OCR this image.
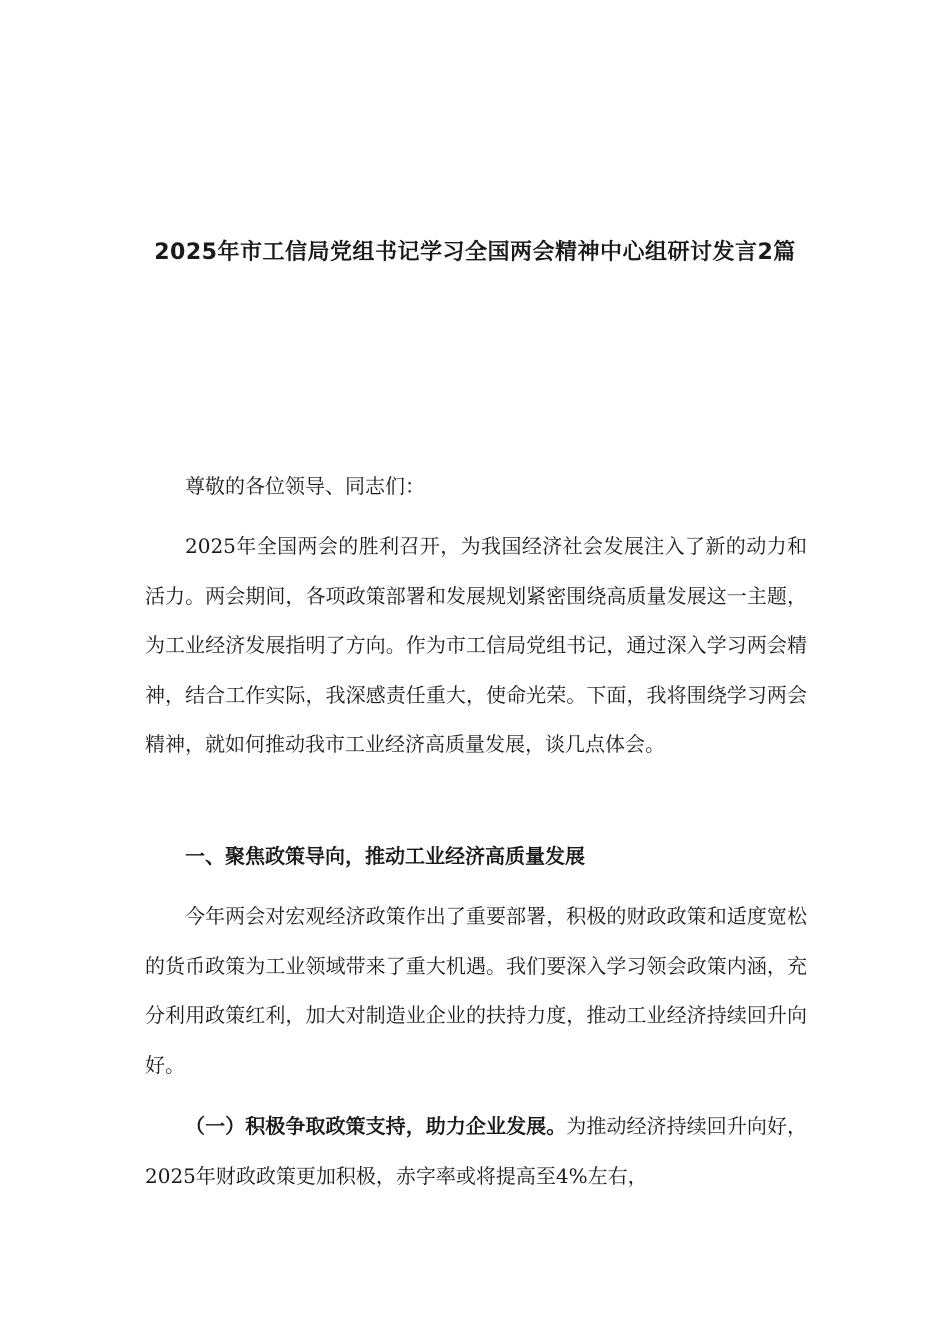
2025年市工信局党组书记学习全国两会精神中心组研讨发言2篇

尊敬的各位领导、同志们：

2025年全国两会的胜利召开，为我国经济社会发展注入了新的动力和活力。两会期间，各项政策部署和发展规划紧密围绕高质量发展这一主题，为工业经济发展指明了方向。作为市工信局党组书记，通过深入学习两会精神，结合工作实际，我深感责任重大，使命光荣。下面，我将围绕学习两会精神，就如何推动我市工业经济高质量发展，谈几点体会。

一、聚焦政策导向，推动工业经济高质量发展

今年两会对宏观经济政策作出了重要部署，积极的财政政策和适度宽松的货币政策为工业领域带来了重大机遇。我们要深入学习领会政策内涵，充分利用政策红利，加大对制造业企业的扶持力度，推动工业经济持续回升向好。

（一）积极争取政策支持，助力企业发展。为推动经济持续回升向好，2025年财政政策更加积极，赤字率或将提高至4%左右，
